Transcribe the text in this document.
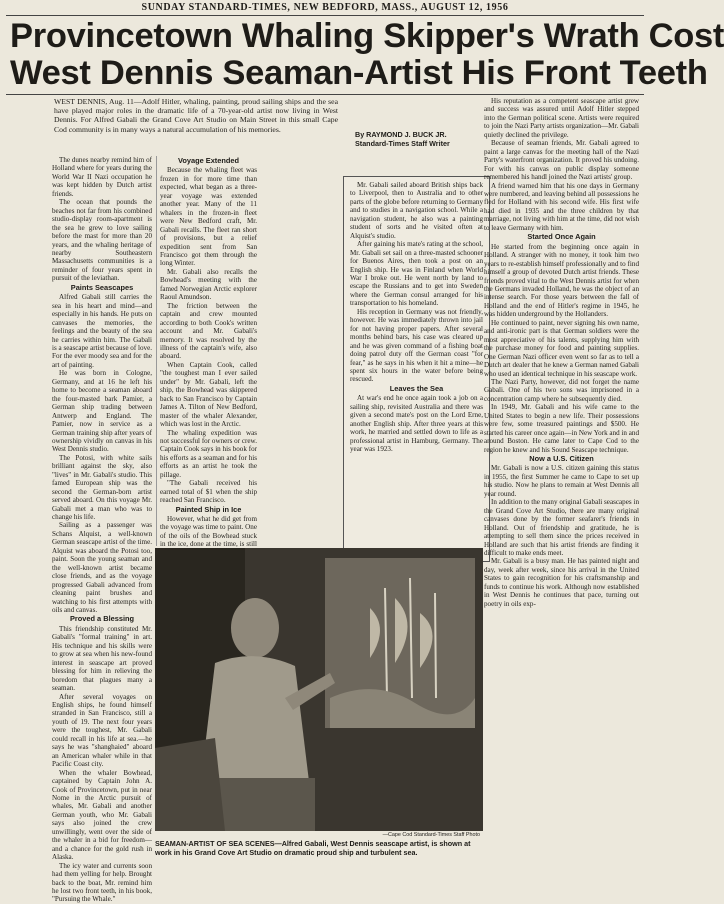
SUNDAY STANDARD-TIMES, NEW BEDFORD, MASS., AUGUST 12, 1956
Provincetown Whaling Skipper's Wrath Cost
West Dennis Seaman-Artist His Front Teeth
WEST DENNIS, Aug. 11—Adolf Hitler, whaling, painting, proud sailing ships and the sea have played major roles in the dramatic life of a 70-year-old artist now living in West Dennis. For Alfred Gabali the Grand Cove Art Studio on Main Street in this small Cape Cod community is in many ways a natural accumulation of his memories.
By RAYMOND J. BUCK JR.
Standard-Times Staff Writer

The dunes nearby remind him of Holland where for years during the World War II Nazi occupation he was kept hidden by Dutch artist friends.

The ocean that pounds the beaches not far from his combined studio-display room-apartment is the sea he grew to love sailing before the mast for more than 20 years, and the whaling heritage of nearby Southeastern Massachusetts communities is a reminder of four years spent in pursuit of the leviathan.

Paints Seascapes

Alfred Gabali still carries the sea in his heart and mind—and especially in his hands. He puts on canvases the memories, the feelings and the beauty of the sea he carries within him. The Gabali is a seascape artist because of love. For the ever moody sea and for the art of painting.

He was born in Cologne, Germany, and at 16 he left his home to become a seaman aboard the four-masted bark Pamier, a German ship trading between Antwerp and England. The Pamier, now in service as a German training ship after years of ownership vividly on canvas in his West Dennis studio.

The Potosi, with white sails brilliant against the sky, also "lives" in Mr. Gabali's studio. This famed European ship was the second the German-born artist served aboard. On this voyage Mr. Gabali met a man who was to change his life.

Sailing as a passenger was Schans Alquist, a well-known German seascape artist of the time. Alquist was aboard the Potosi too, paint. Soon the young seaman and the well-known artist became close friends, and as the voyage progressed Gabali advanced from cleaning paint brushes and watching to his first attempts with oils and canvas.

Proved a Blessing

This friendship constituted Mr. Gabali's "formal training" in art. His technique and his skills were to grow at sea when his new-found interest in seascape art proved blessing for him in relieving the boredom that plagues many a seaman.

After several voyages on English ships, he found himself stranded in San Francisco, still a youth of 19. The next four years were the toughest, Mr. Gabali could recall in his life at sea.—he says he was "shanghaied" aboard an American whaler while in that Pacific Coast city.

When the whaler Bowhead, captained by Captain John A. Cook of Provincetown, put in near Nome in the Arctic pursuit of whales, Mr. Gabali and another German youth, who Mr. Gabali says also joined the crew unwillingly, went over the side of the whaler in a bid for freedom—and a chance for the gold rush in Alaska.

The icy water and currents soon had them yelling for help. Brought back to the boat, Mr. remind him he lost two front teeth, in his book, "Pursuing the Whale."

Voyage Extended

Because the whaling fleet was frozen in for more time than expected, what began as a three-year voyage was extended another year. Many of the 11 whalers in the frozen-in fleet were New Bedford craft, Mr. Gabali recalls. The fleet ran short of provisions, but a relief expedition sent from San Francisco got them through the long Winter.

Mr. Gabali also recalls the Bowhead's meeting with the famed Norwegian Arctic explorer Raoul Amundson.

The friction between the captain and crew mounted according to both Cook's written account and Mr. Gabali's memory. It was resolved by the illness of the captain's wife, also aboard.

When Captain Cook, called "the toughest man I ever sailed under" by Mr. Gabali, left the ship, the Bowhead was skippered back to San Francisco by Captain James A. Tilton of New Bedford, master of the whaler Alexander, which was lost in the Arctic.

The whaling expedition was not successful for owners or crew. Captain Cook says in his book for his efforts as a seaman and for his efforts as an artist he took the pillage.

"The Gabali received his earned total of $1 when the ship reached San Francisco.

Painted Ship in Ice

However, what he did get from the voyage was time to paint. One of the oils of the Bowhead stuck in the ice, done at the time, is still

Mr. Gabali sailed aboard British ships back to Liverpool, then to Australia and to other parts of the globe before returning to Germany and to studies in a navigation school. While a navigation student, he also was a painting student of sorts and he visited often at Alquist's studio.

After gaining his mate's rating at the school, Mr. Gabali set sail on a three-masted schooner for Buenos Aires, then took a post on an English ship. He was in Finland when World War I broke out. He went north by land to escape the Russians and to get into Sweden where the German consul arranged for his transportation to his homeland.

His reception in Germany was not friendly, however. He was immediately thrown into jail for not having proper papers. After several months behind bars, his case was cleared up and he was given command of a fishing boat doing patrol duty off the German coast "for fear," as he says in his when it hit a mine—he spent six hours in the water before being rescued.

Leaves the Sea

At war's end he once again took a job on a sailing ship, revisited Australia and there was given a second mate's post on the Lord Erne, another English ship. After three years at this work, he married and settled down to life as a professional artist in Hamburg, Germany. The year was 1923.

His reputation as a competent seascape artist grew and success was assured until Adolf Hitler stepped into the German political scene. Artists were required to join the Nazi Party artists organization—Mr. Gabali quietly declined the privilege.

Because of seaman friends, Mr. Gabali agreed to paint a large canvas for the meeting hall of the Nazi Party's waterfront organization. It proved his undoing. For with his canvas on public display someone remembered his handl joined the Nazi artists' group.

A friend warned him that his one days in Germany were numbered, and leaving behind all possessions he fled for Holland with his second wife. His first wife had died in 1935 and the three children by that marriage, not living with him at the time, did not wish to leave Germany with him.

Started Once Again

He started from the beginning once again in Holland. A stranger with no money, it took him two years to re-establish himself professionally and to find himself a group of devoted Dutch artist friends. These friends proved vital to the West Dennis artist for when the Germans invaded Holland, he was the object of an intense search. For those years between the fall of Holland and the end of Hitler's regime in 1945, he was hidden underground by the Hollanders.

He continued to paint, never signing his own name, and anti-ironic part is that German soldiers were the most appreciative of his talents, supplying him with the purchase money for food and painting supplies. One German Nazi officer even went so far as to tell a Dutch art dealer that he knew a German named Gabali who used an identical technique in his seascape work.

The Nazi Party, however, did not forget the name Gabali. One of his two sons was imprisoned in a concentration camp where he subsequently died.

In 1949, Mr. Gabali and his wife came to the United States to begin a new life. Their possessions were few, some treasured paintings and $500. He started his career once again—in New York and in and around Boston. He came later to Cape Cod to the region he knew and his Sound Seascape technique.

Now a U.S. Citizen

Mr. Gabali is now a U.S. citizen gaining this status in 1955, the first Summer he came to Cape to set up his studio. Now he plans to remain at West Dennis all year round.

In addition to the many original Gabali seascapes in the Grand Cove Art Studio, there are many original canvases done by the former seafarer's friends in Holland. Out of friendship and gratitude, he is attempting to sell them since the prices received in Holland are such that his artist friends are finding it difficult to make ends meet.

Mr. Gabali is a busy man. He has painted night and day, week after week, since his arrival in the United States to gain recognition for his craftsmanship and funds to continue his work. Although now established in West Dennis he continues that pace, turning out poetry in oils exp-

—Cape Cod Standard-Times Staff Photo
SEAMAN-ARTIST OF SEA SCENES—Alfred Gabali, West Dennis seascape artist, is shown at work in his Grand Cove Art Studio on dramatic proud ship and turbulent sea.
